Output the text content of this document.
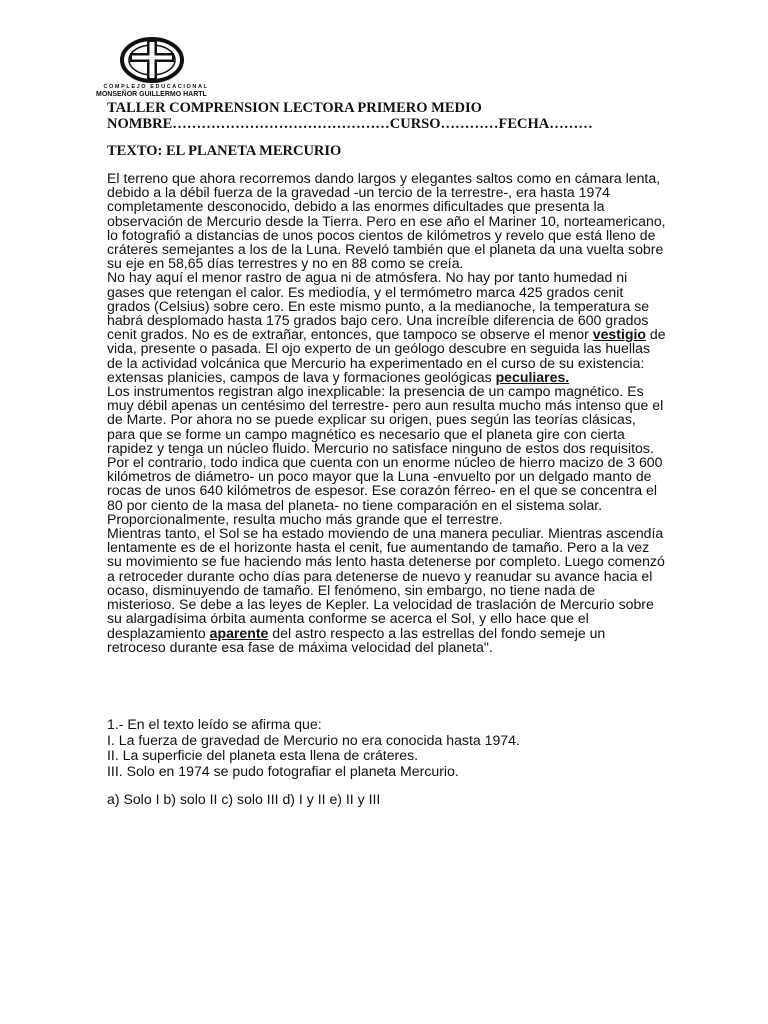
COMPLEJO EDUCACIONAL
MONSEÑOR GUILLERMO HARTL
TALLER COMPRENSION LECTORA PRIMERO MEDIO
NOMBRE………………………………………CURSO…………FECHA………
TEXTO: EL PLANETA MERCURIO

El terreno que ahora recorremos dando largos y elegantes saltos como en cámara lenta, debido a la débil fuerza de la gravedad -un tercio de la terrestre-, era hasta 1974 completamente desconocido, debido a las enormes dificultades que presenta la observación de Mercurio desde la Tierra. Pero en ese año el Mariner 10, norteamericano, lo fotografió a distancias de unos pocos cientos de kilómetros y revelo que está lleno de cráteres semejantes a los de la Luna. Reveló también que el planeta da una vuelta sobre su eje en 58,65 días terrestres y no en 88 como se creía.

No hay aquí el menor rastro de agua ni de atmósfera. No hay por tanto humedad ni gases que retengan el calor. Es mediodía, y el termómetro marca 425 grados cenit grados (Celsius) sobre cero. En este mismo punto, a la medianoche, la temperatura se habrá desplomado hasta 175 grados bajo cero. Una increíble diferencia de 600 grados cenit grados. No es de extrañar, entonces, que tampoco se observe el menor vestigio de vida, presente o pasada. El ojo experto de un geólogo descubre en seguida las huellas de la actividad volcánica que Mercurio ha experimentado en el curso de su existencia: extensas planicies, campos de lava y formaciones geológicas peculiares.

Los instrumentos registran algo inexplicable: la presencia de un campo magnético. Es muy débil apenas un centésimo del terrestre- pero aun resulta mucho más intenso que el de Marte. Por ahora no se puede explicar su origen, pues según las teorías clásicas, para que se forme un campo magnético es necesario que el planeta gire con cierta rapidez y tenga un núcleo fluido. Mercurio no satisface ninguno de estos dos requisitos. Por el contrario, todo indica que cuenta con un enorme núcleo de hierro macizo de 3 600 kilómetros de diámetro- un poco mayor que la Luna -envuelto por un delgado manto de rocas de unos 640 kilómetros de espesor. Ese corazón férreo- en el que se concentra el 80 por ciento de la masa del planeta- no tiene comparación en el sistema solar. Proporcionalmente, resulta mucho más grande que el terrestre.

Mientras tanto, el Sol se ha estado moviendo de una manera peculiar. Mientras ascendía lentamente es de el horizonte hasta el cenit, fue aumentando de tamaño. Pero a la vez su movimiento se fue haciendo más lento hasta detenerse por completo. Luego comenzó a retroceder durante ocho días para detenerse de nuevo y reanudar su avance hacia el ocaso, disminuyendo de tamaño. El fenómeno, sin embargo, no tiene nada de misterioso. Se debe a las leyes de Kepler. La velocidad de traslación de Mercurio sobre su alargadísima órbita aumenta conforme se acerca el Sol, y ello hace que el desplazamiento aparente del astro respecto a las estrellas del fondo semeje un retroceso durante esa fase de máxima velocidad del planeta".

1.- En el texto leído se afirma que:

I. La fuerza de gravedad de Mercurio no era conocida hasta 1974.

II. La superficie del planeta esta llena de cráteres.

III. Solo en 1974 se pudo fotografiar el planeta Mercurio.

a) Solo I b) solo II c) solo III d) I y II e) II y III
